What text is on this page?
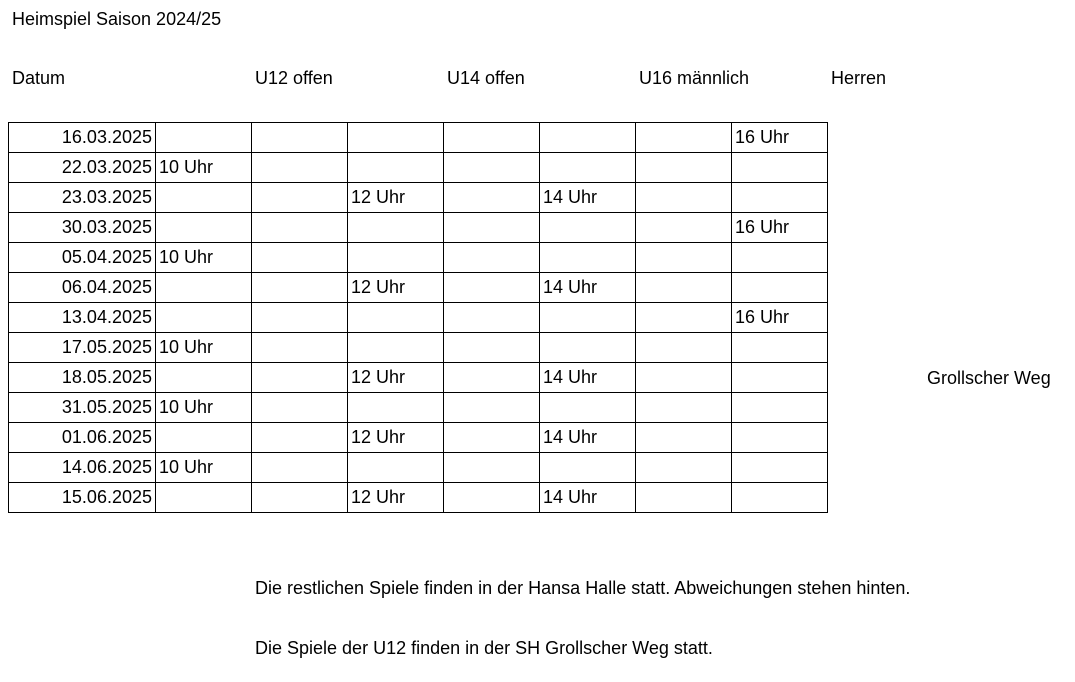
Heimspiel Saison 2024/25
Datum	U12 offen	U14 offen	U16 männlich	Herren
16.03.2025							16 Uhr
22.03.2025	10 Uhr						
23.03.2025			12 Uhr		14 Uhr		
30.03.2025							16 Uhr
05.04.2025	10 Uhr						
06.04.2025			12 Uhr		14 Uhr		
13.04.2025							16 Uhr
17.05.2025	10 Uhr						
18.05.2025			12 Uhr		14 Uhr		
31.05.2025	10 Uhr						
01.06.2025			12 Uhr		14 Uhr		
14.06.2025	10 Uhr						
15.06.2025			12 Uhr		14 Uhr		
Grollscher Weg
Die restlichen Spiele finden in der Hansa Halle statt. Abweichungen stehen hinten.
Die Spiele der U12 finden in der SH Grollscher Weg statt.
